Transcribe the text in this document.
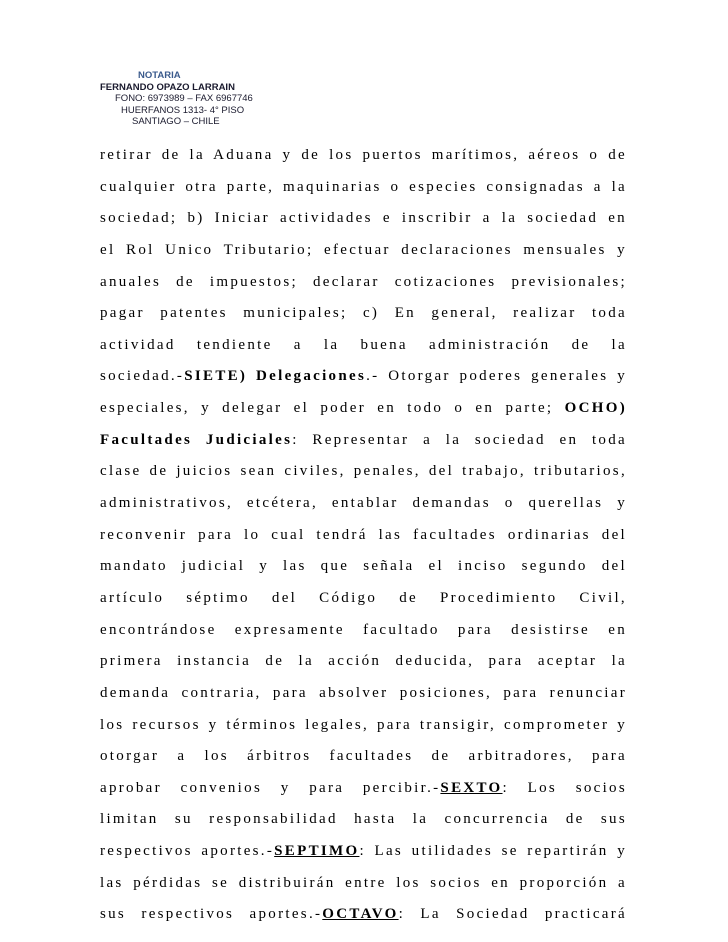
NOTARIA
FERNANDO OPAZO LARRAIN
FONO: 6973989 – FAX 6967746
HUERFANOS 1313- 4° PISO
SANTIAGO – CHILE
retirar de la Aduana y de los puertos marítimos, aéreos o de
cualquier otra parte, maquinarias o especies consignadas a la
sociedad; b) Iniciar actividades e inscribir a la sociedad en
el Rol Unico Tributario; efectuar declaraciones mensuales y
anuales de impuestos; declarar cotizaciones previsionales;
pagar patentes municipales; c) En general, realizar toda
actividad tendiente a la buena administración de la
sociedad.-SIETE) Delegaciones.- Otorgar poderes generales y
especiales, y delegar el poder en todo o en parte; OCHO)
Facultades Judiciales: Representar a la sociedad en toda
clase de juicios sean civiles, penales, del trabajo, tributarios,
administrativos, etcétera, entablar demandas o querellas y
reconvenir para lo cual tendrá las facultades ordinarias del
mandato judicial y las que señala el inciso segundo del
artículo séptimo del Código de Procedimiento Civil,
encontrándose expresamente facultado para desistirse en
primera instancia de la acción deducida, para aceptar la
demanda contraria, para absolver posiciones, para renunciar
los recursos y términos legales, para transigir, comprometer y
otorgar a los árbitros facultades de arbitradores, para
aprobar convenios y para percibir.-SEXTO: Los socios
limitan su responsabilidad hasta la concurrencia de sus
respectivos aportes.-SEPTIMO: Las utilidades se repartirán y
las pérdidas se distribuirán entre los socios en proporción a
sus respectivos aportes.-OCTAVO: La Sociedad practicará
